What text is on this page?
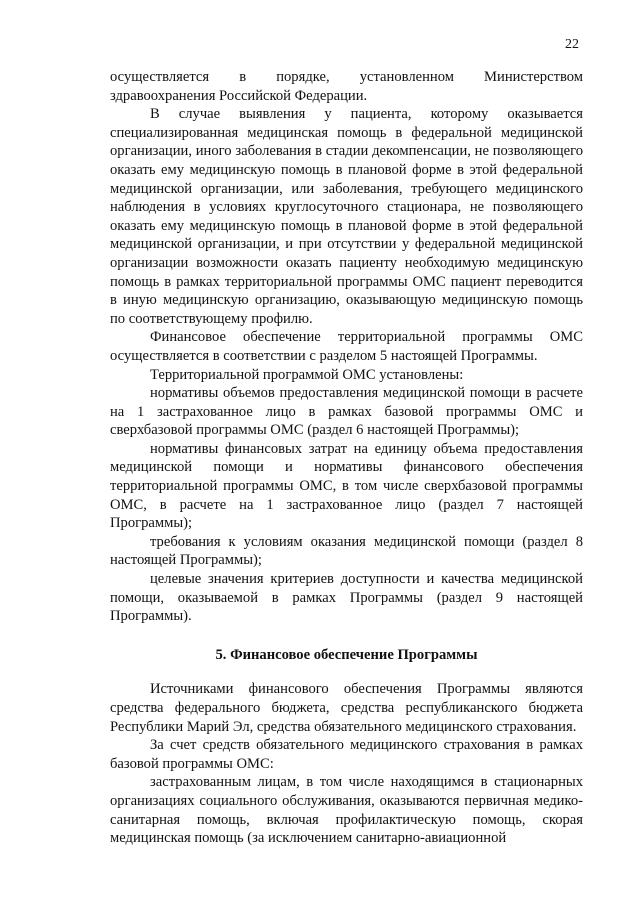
22

осуществляется в порядке, установленном Министерством здравоохранения Российской Федерации.

В случае выявления у пациента, которому оказывается специализированная медицинская помощь в федеральной медицинской организации, иного заболевания в стадии декомпенсации, не позволяющего оказать ему медицинскую помощь в плановой форме в этой федеральной медицинской организации, или заболевания, требующего медицинского наблюдения в условиях круглосуточного стационара, не позволяющего оказать ему медицинскую помощь в плановой форме в этой федеральной медицинской организации, и при отсутствии у федеральной медицинской организации возможности оказать пациенту необходимую медицинскую помощь в рамках территориальной программы ОМС пациент переводится в иную медицинскую организацию, оказывающую медицинскую помощь по соответствующему профилю.

Финансовое обеспечение территориальной программы ОМС осуществляется в соответствии с разделом 5 настоящей Программы.

Территориальной программой ОМС установлены:

нормативы объемов предоставления медицинской помощи в расчете на 1 застрахованное лицо в рамках базовой программы ОМС и сверхбазовой программы ОМС (раздел 6 настоящей Программы);

нормативы финансовых затрат на единицу объема предоставления медицинской помощи и нормативы финансового обеспечения территориальной программы ОМС, в том числе сверхбазовой программы ОМС, в расчете на 1 застрахованное лицо (раздел 7 настоящей Программы);

требования к условиям оказания медицинской помощи (раздел 8 настоящей Программы);

целевые значения критериев доступности и качества медицинской помощи, оказываемой в рамках Программы (раздел 9 настоящей Программы).

5. Финансовое обеспечение Программы

Источниками финансового обеспечения Программы являются средства федерального бюджета, средства республиканского бюджета Республики Марий Эл, средства обязательного медицинского страхования.

За счет средств обязательного медицинского страхования в рамках базовой программы ОМС:

застрахованным лицам, в том числе находящимся в стационарных организациях социального обслуживания, оказываются первичная медико-санитарная помощь, включая профилактическую помощь, скорая медицинская помощь (за исключением санитарно-авиационной
